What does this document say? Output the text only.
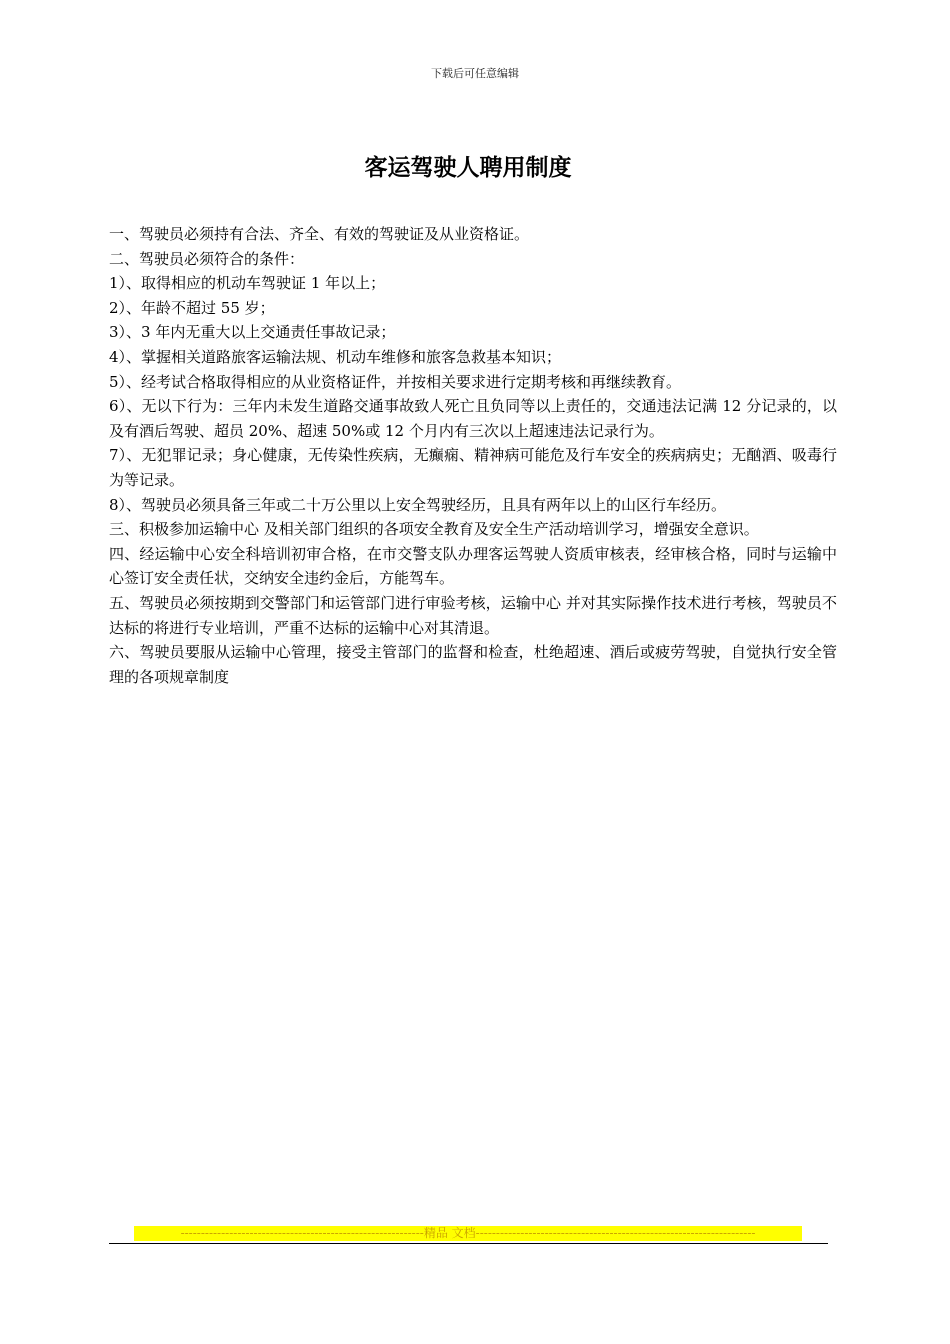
下载后可任意编辑
客运驾驶人聘用制度

一、驾驶员必须持有合法、齐全、有效的驾驶证及从业资格证。

二、驾驶员必须符合的条件：

1）、取得相应的机动车驾驶证 1 年以上；

2）、年龄不超过 55 岁；

3）、3 年内无重大以上交通责任事故记录；

4）、掌握相关道路旅客运输法规、机动车维修和旅客急救基本知识；

5）、经考试合格取得相应的从业资格证件，并按相关要求进行定期考核和再继续教育。

6）、无以下行为：三年内未发生道路交通事故致人死亡且负同等以上责任的，交通违法记满 12 分记录的，以及有酒后驾驶、超员 20%、超速 50%或 12 个月内有三次以上超速违法记录行为。

7）、无犯罪记录；身心健康，无传染性疾病，无癫痫、精神病可能危及行车安全的疾病病史；无酗酒、吸毒行为等记录。

8）、驾驶员必须具备三年或二十万公里以上安全驾驶经历，且具有两年以上的山区行车经历。

三、积极参加运输中心 及相关部门组织的各项安全教育及安全生产活动培训学习，增强安全意识。

四、经运输中心安全科培训初审合格，在市交警支队办理客运驾驶人资质审核表，经审核合格，同时与运输中心签订安全责任状，交纳安全违约金后，方能驾车。

五、驾驶员必须按期到交警部门和运管部门进行审验考核，运输中心 并对其实际操作技术进行考核，驾驶员不达标的将进行专业培训，严重不达标的运输中心对其清退。

六、驾驶员要服从运输中心管理，接受主管部门的监督和检查，杜绝超速、酒后或疲劳驾驶，自觉执行安全管理的各项规章制度

------------------------------------------------------------精品 文档---------------------------------------------------------------------
